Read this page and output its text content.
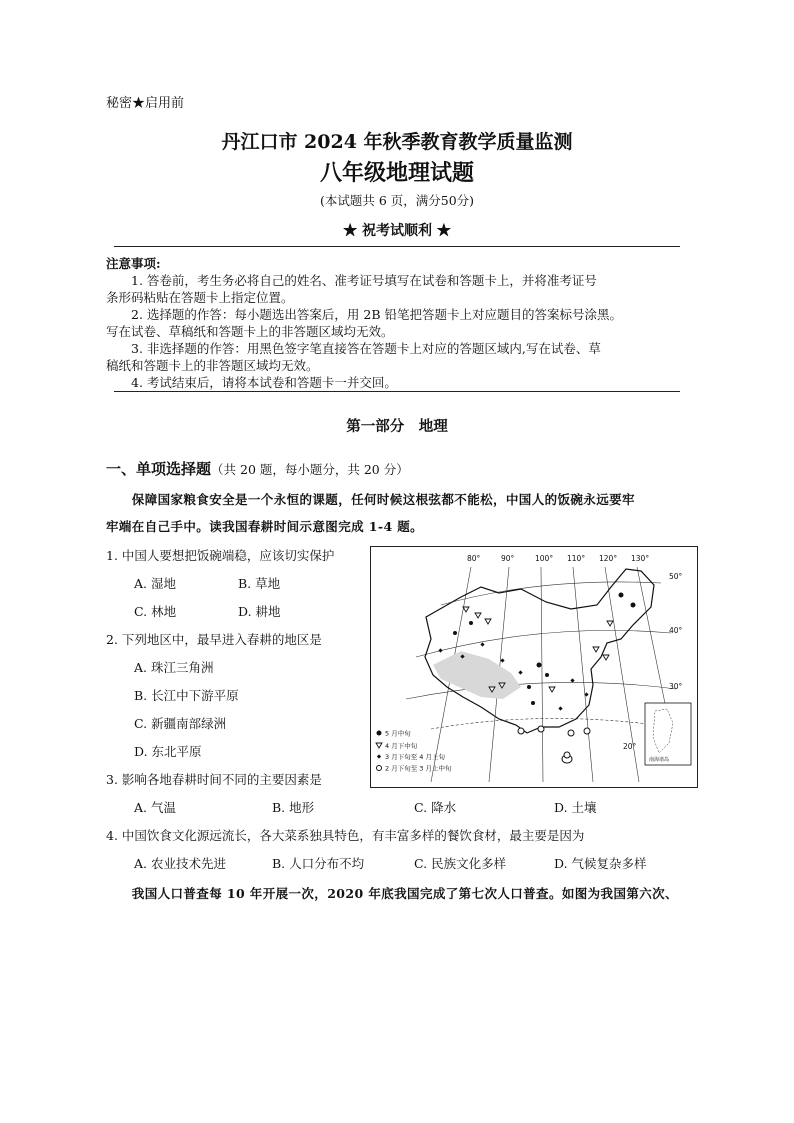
秘密★启用前
丹江口市 2024 年秋季教育教学质量监测
八年级地理试题
(本试题共 6 页，满分50分)
★ 祝考试顺利 ★
注意事项:
　　1. 答卷前，考生务必将自己的姓名、准考证号填写在试卷和答题卡上，并将准考证号
条形码粘贴在答题卡上指定位置。
　　2. 选择题的作答：每小题选出答案后，用 2B 铅笔把答题卡上对应题目的答案标号涂黑。
写在试卷、草稿纸和答题卡上的非答题区域均无效。
　　3. 非选择题的作答：用黑色签字笔直接答在答题卡上对应的答题区域内,写在试卷、草
稿纸和答题卡上的非答题区域均无效。
　　4. 考试结束后，请将本试卷和答题卡一并交回。
第一部分　地理
一、单项选择题（共 20 题，每小题分，共 20 分）
　　保障国家粮食安全是一个永恒的课题，任何时候这根弦都不能松，中国人的饭碗永远要牢
牢端在自己手中。读我国春耕时间示意图完成 1-4 题。
1. 中国人要想把饭碗端稳，应该切实保护
A. 湿地	B. 草地
C. 林地	D. 耕地
2. 下列地区中，最早进入春耕的地区是
A. 珠江三角洲
B. 长江中下游平原
C. 新疆南部绿洲
D. 东北平原
3. 影响各地春耕时间不同的主要因素是
A. 气温	B. 地形	C. 降水	D. 土壤
4. 中国饮食文化源远流长，各大菜系独具特色，有丰富多样的餐饮食材，最主要是因为
A. 农业技术先进	B. 人口分布不均	C. 民族文化多样	D. 气候复杂多样
　　我国人口普查每 10 年开展一次，2020 年底我国完成了第七次人口普查。如图为我国第六次、
80°	90°	100° 110° 120° 130°
50°
40°
30°
20°
南海诸岛
5 月中旬
4 月下中旬
3 月下旬至 4 月上旬
2 月下旬至 3 月上中旬
